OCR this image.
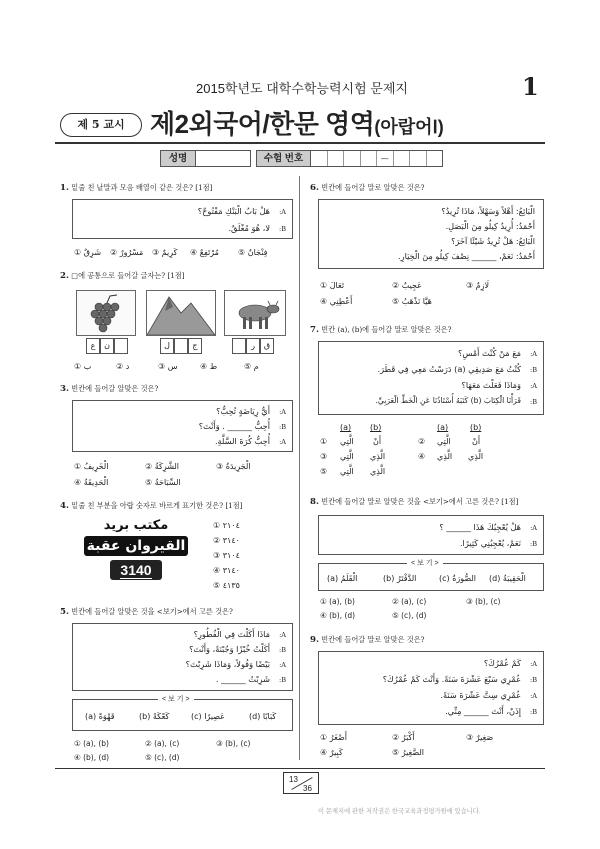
2015학년도 대학수학능력시험 문제지	1
제 5 교시 제2외국어/한문 영역(아랍어Ⅰ)
성명	수험 번호	—
1. 밑줄 친 낱말과 모음 배열이 같은 것은? [1점]
هَلْ بَابُ الْبَنْكِ مَفْتُوحٌ؟ :A
لا، هُوَ مُغْلَقٌ. :B
① شَرِقٌ ② مَسْرُورٌ ③ كَرِيمٌ ④ مُرْتَفِعٌ ⑤ فِنْجَانٌ
2. □에 공통으로 들어갈 글자는? [1점]
ع	ن	ل	ج	ر	ق
① ب	② د	③ س	④ ط	⑤ م
3. 빈칸에 들어갈 알맞은 것은?
أَيُّ رِيَاضَةٍ تُحِبُّ؟ :A
أُحِبُّ ______ . وَأَنْتَ؟ :B
أُحِبُّ كُرَةَ السَّلَّةِ. :A
① الْخَرِيفُ	② الشَّرِكَةُ	③ الْجَرِيدَةُ
④ الْحَدِيقَةُ	⑤ السِّبَاحَةُ
4. 밑줄 친 부분을 아랍 숫자로 바르게 표기한 것은? [1점]
مكتب بريد
القيروان عقبة
3140
① ٢١٠٤
② ٣١٤٠
③ ٣١٠٤
④ ٣١٤٠
⑤ ٤١٣٥
5. 빈칸에 들어갈 알맞은 것을 <보기>에서 고른 것은?
مَاذَا أَكَلْتَ فِي الْفُطُورِ؟ :A
أَكَلْتُ خُبْزًا وَجُبْنَةً، وَأَنْتَ؟ :B
بَيْضًا وَفُولاً، وَمَاذَا شَرِبْتَ؟ :A
شَرِبْتُ ______ . :B
< 보 기 >
(a) قَهْوَةً	(b) كَعْكَةً	(c) عَصِيرًا	(d) كَبَابًا
① (a), (b)	② (a), (c)	③ (b), (c)
④ (b), (d)	⑤ (c), (d)
6. 빈칸에 들어갈 말로 알맞은 것은?
الْبَائِعُ: أَهْلاً وَسَهْلاً، مَاذَا تُرِيدُ؟
أَحْمَدُ: أُرِيدُ كِيلُو مِنَ الْبَصَلِ.
الْبَائِعُ: هَلْ تُرِيدُ شَيْئًا آخَرَ؟
أَحْمَدُ: نَعَمْ، ______ نِصْفَ كِيلُو مِنَ الْخِيَارِ.
① تَعَالَ	② عَجِيبٌ	③ لَازِمٌ
④ أَعْطِنِي	⑤ هَيَّا نَذْهَبُ
7. 빈칸 (a), (b)에 들어갈 말로 알맞은 것은?
مَعَ مَنْ كُنْتَ أَمْسِ؟ :A
كُنْتُ مَعَ صَدِيقِي (a) دَرَسْتُ مَعِي فِي قَطَرَ. :B
وَمَاذَا فَعَلْتَ مَعَهَا؟ :A
قَرَأْنَا الْكِتَابَ (b) كَتَبَهُ أُسْتَاذُنَا عَنِ الْخَطِّ الْعَرَبِيِّ. :B
(a) (b)	(a)	(b)
① الَّتِي أَنْ	② الَّتِي	أَنْ
③ الَّتِي الَّذِي	④ الَّذِي الَّذِي
⑤ الَّتِي الَّذِي
8. 빈칸에 들어갈 말로 알맞은 것을 <보기>에서 고른 것은? [1점]
هَلْ يُعْجِبُكَ هَذَا ______ ؟ :A
نَعَمْ، يُعْجِبُنِي كَثِيرًا. :B
< 보 기 >
(a) الْقَلَمُ	(b) الدَّفْتَرُ	(c) الصُّورَةُ (d) الْحَقِيبَةُ
① (a), (b)	② (a), (c)	③ (b), (c)
④ (b), (d)	⑤ (c), (d)
9. 빈칸에 들어갈 말로 알맞은 것은?
كَمْ عُمْرُكَ؟ :A
عُمْرِي سَبْعَ عَشْرَةَ سَنَةً. وَأَنْتَ كَمْ عُمْرُكَ؟ :B
عُمْرِي سِتَّ عَشْرَةَ سَنَةً. :A
إِذَنْ، أَنْتَ ______ مِنِّي. :B
① أَصْغَرُ	② أَكْبَرُ	③ صَغِيرٌ
④ كَبِيرٌ	⑤ الصَّغِيرُ
13
36
이 문제지에 관한 저작권은 한국교육과정평가원에 있습니다.
